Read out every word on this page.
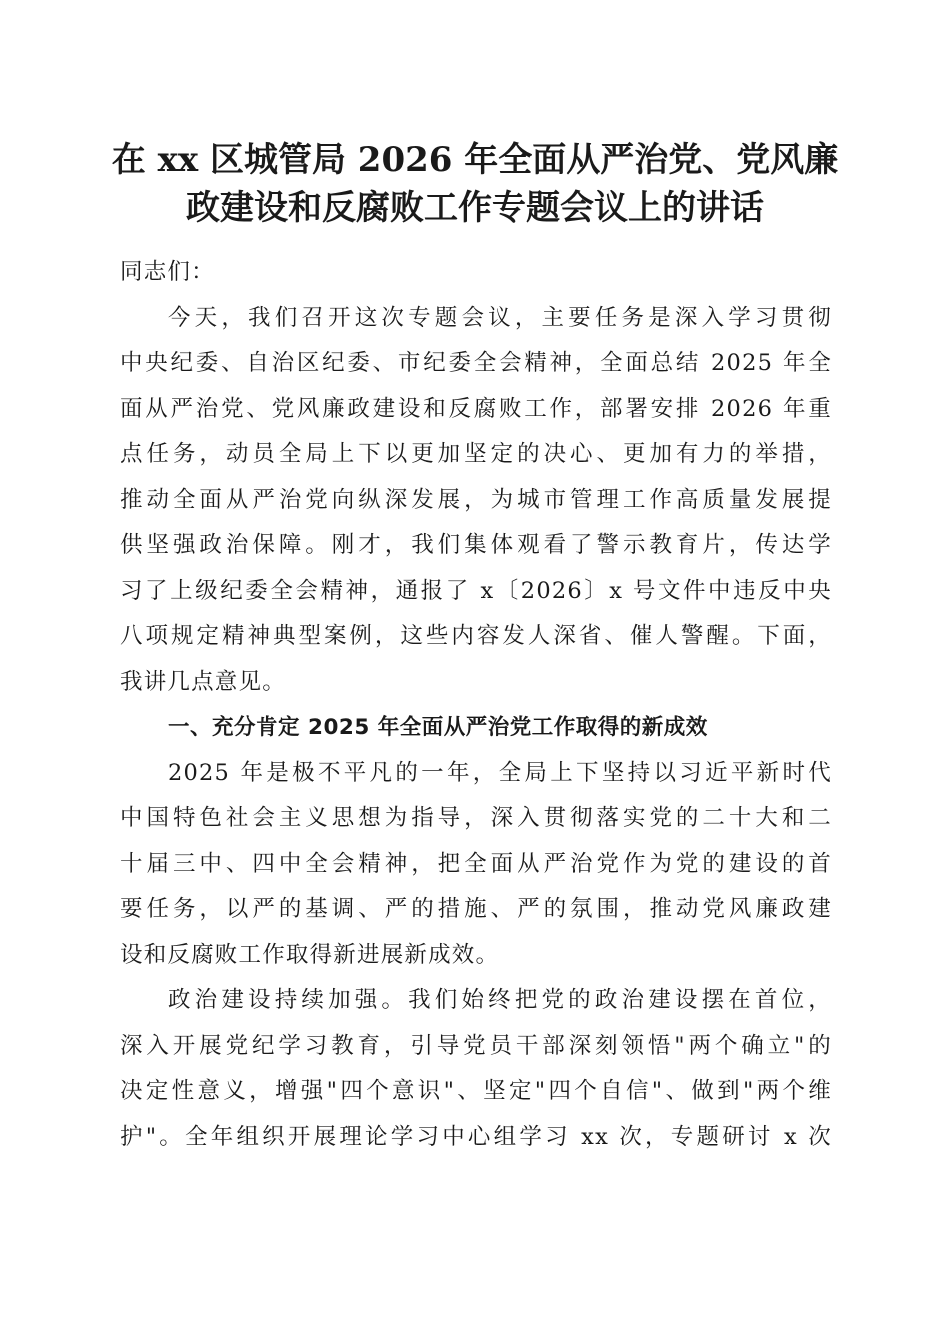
在 xx 区城管局 2026 年全面从严治党、党风廉
政建设和反腐败工作专题会议上的讲话
同志们：
今天，我们召开这次专题会议，主要任务是深入学习贯彻
中央纪委、自治区纪委、市纪委全会精神，全面总结 2025 年全
面从严治党、党风廉政建设和反腐败工作，部署安排 2026 年重
点任务，动员全局上下以更加坚定的决心、更加有力的举措，
推动全面从严治党向纵深发展，为城市管理工作高质量发展提
供坚强政治保障。刚才，我们集体观看了警示教育片，传达学
习了上级纪委全会精神，通报了 x〔2026〕x 号文件中违反中央
八项规定精神典型案例，这些内容发人深省、催人警醒。下面，
我讲几点意见。
一、充分肯定 2025 年全面从严治党工作取得的新成效
2025 年是极不平凡的一年，全局上下坚持以习近平新时代
中国特色社会主义思想为指导，深入贯彻落实党的二十大和二
十届三中、四中全会精神，把全面从严治党作为党的建设的首
要任务，以严的基调、严的措施、严的氛围，推动党风廉政建
设和反腐败工作取得新进展新成效。
政治建设持续加强。我们始终把党的政治建设摆在首位，
深入开展党纪学习教育，引导党员干部深刻领悟"两个确立"的
决定性意义，增强"四个意识"、坚定"四个自信"、做到"两个维
护"。全年组织开展理论学习中心组学习 xx 次，专题研讨 x 次
